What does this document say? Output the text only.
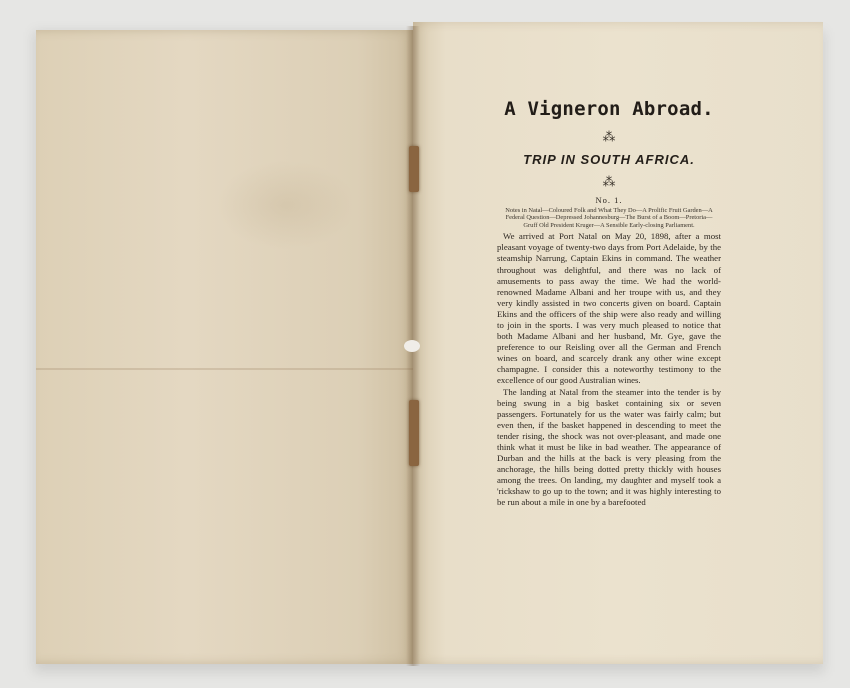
A Vigneron Abroad.
⁂
TRIP IN SOUTH AFRICA.
⁂
No. 1.

Notes in Natal—Coloured Folk and What They Do—A Prolific Fruit Garden—A Federal Question—Depressed Johannesburg—The Burst of a Boom—Pretoria—Gruff Old President Kruger—A Sensible Early-closing Parliament.

We arrived at Port Natal on May 20, 1898, after a most pleasant voyage of twenty-two days from Port Adelaide, by the steamship Narrung, Captain Ekins in command. The weather throughout was delightful, and there was no lack of amusements to pass away the time. We had the world-renowned Madame Albani and her troupe with us, and they very kindly assisted in two concerts given on board. Captain Ekins and the officers of the ship were also ready and willing to join in the sports. I was very much pleased to notice that both Madame Albani and her husband, Mr. Gye, gave the preference to our Reisling over all the German and French wines on board, and scarcely drank any other wine except champagne. I consider this a noteworthy testimony to the excellence of our good Australian wines.

The landing at Natal from the steamer into the tender is by being swung in a big basket containing six or seven passengers. Fortunately for us the water was fairly calm; but even then, if the basket happened in descending to meet the tender rising, the shock was not over-pleasant, and made one think what it must be like in bad weather. The appearance of Durban and the hills at the back is very pleasing from the anchorage, the hills being dotted pretty thickly with houses among the trees. On landing, my daughter and myself took a 'rickshaw to go up to the town; and it was highly interesting to be run about a mile in one by a barefooted
